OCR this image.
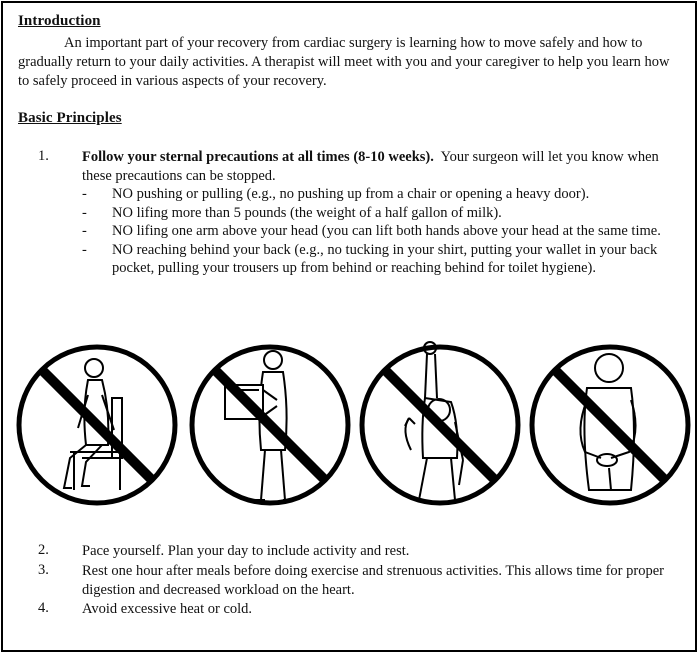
Introduction
An important part of your recovery from cardiac surgery is learning how to move safely and how to gradually return to your daily activities. A therapist will meet with you and your caregiver to help you learn how to safely proceed in various aspects of your recovery.
Basic Principles
1.	Follow your sternal precautions at all times (8-10 weeks). Your surgeon will let you know when these precautions can be stopped.
- NO pushing or pulling (e.g., no pushing up from a chair or opening a heavy door).
- NO lifing more than 5 pounds (the weight of a half gallon of milk).
- NO lifing one arm above your head (you can lift both hands above your head at the same time.
- NO reaching behind your back (e.g., no tucking in your shirt, putting your wallet in your back pocket, pulling your trousers up from behind or reaching behind for toilet hygiene).
2.	Pace yourself. Plan your day to include activity and rest.
3.	Rest one hour after meals before doing exercise and strenuous activities. This allows time for proper digestion and decreased workload on the heart.
4.	Avoid excessive heat or cold.
